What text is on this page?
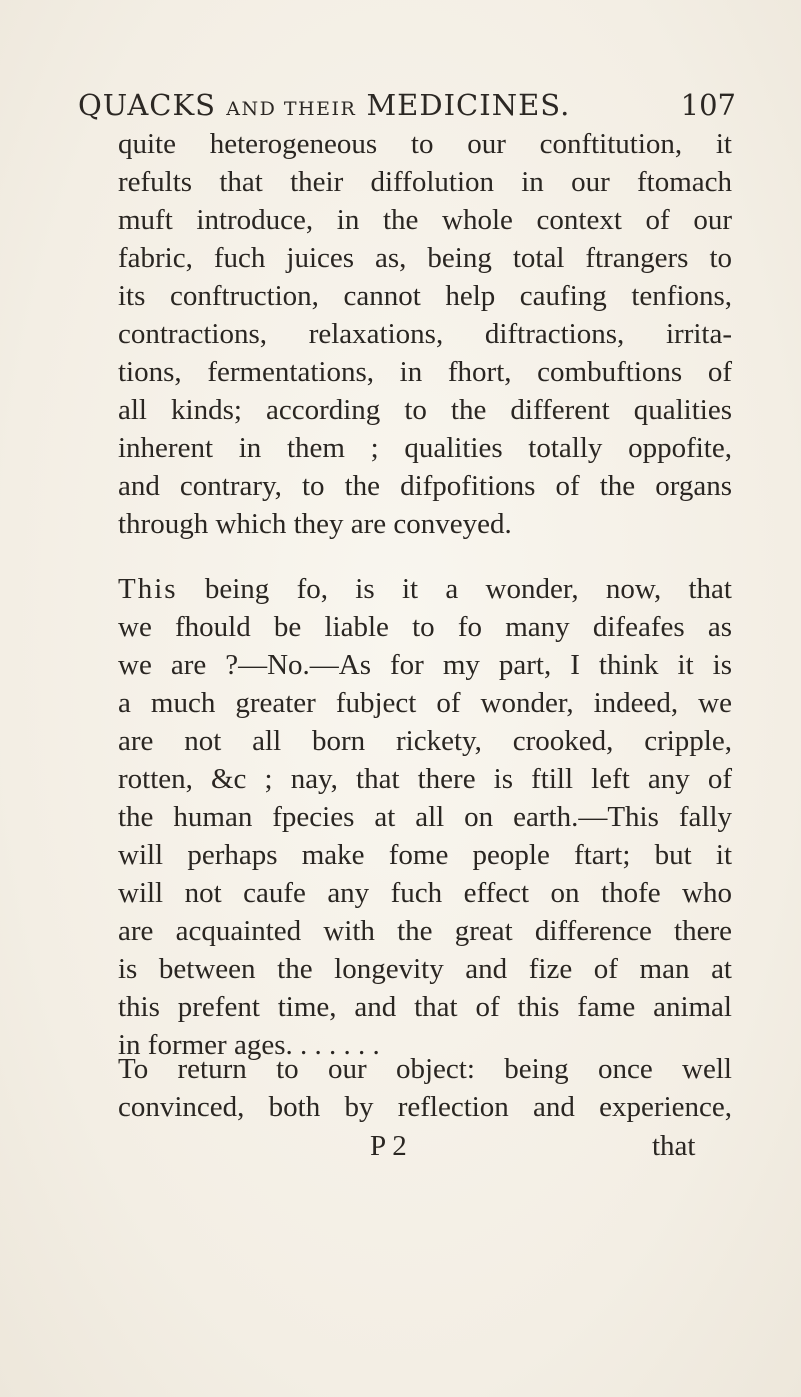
QUACKS AND THEIR MEDICINES.	107
quite heterogeneous to our conftitution, it
refults that their diffolution in our ftomach
muft introduce, in the whole context of our
fabric, fuch juices as, being total ftrangers to
its conftruction, cannot help caufing tenfions,
contractions, relaxations, diftractions, irrita-
tions, fermentations, in fhort, combuftions of
all kinds; according to the different qualities
inherent in them ; qualities totally oppofite,
and contrary, to the difpofitions of the organs
through which they are conveyed.
This being fo, is it a wonder, now, that
we fhould be liable to fo many difeafes as
we are ?—No.—As for my part, I think it is
a much greater fubject of wonder, indeed, we
are not all born rickety, crooked, cripple,
rotten, &c ; nay, that there is ftill left any of
the human fpecies at all on earth.—This fally
will perhaps make fome people ftart; but it
will not caufe any fuch effect on thofe who
are acquainted with the great difference there
is between the longevity and fize of man at
this prefent time, and that of this fame animal
in former ages. . . . . . .
To return to our object: being once well
convinced, both by reflection and experience,
P 2	that
